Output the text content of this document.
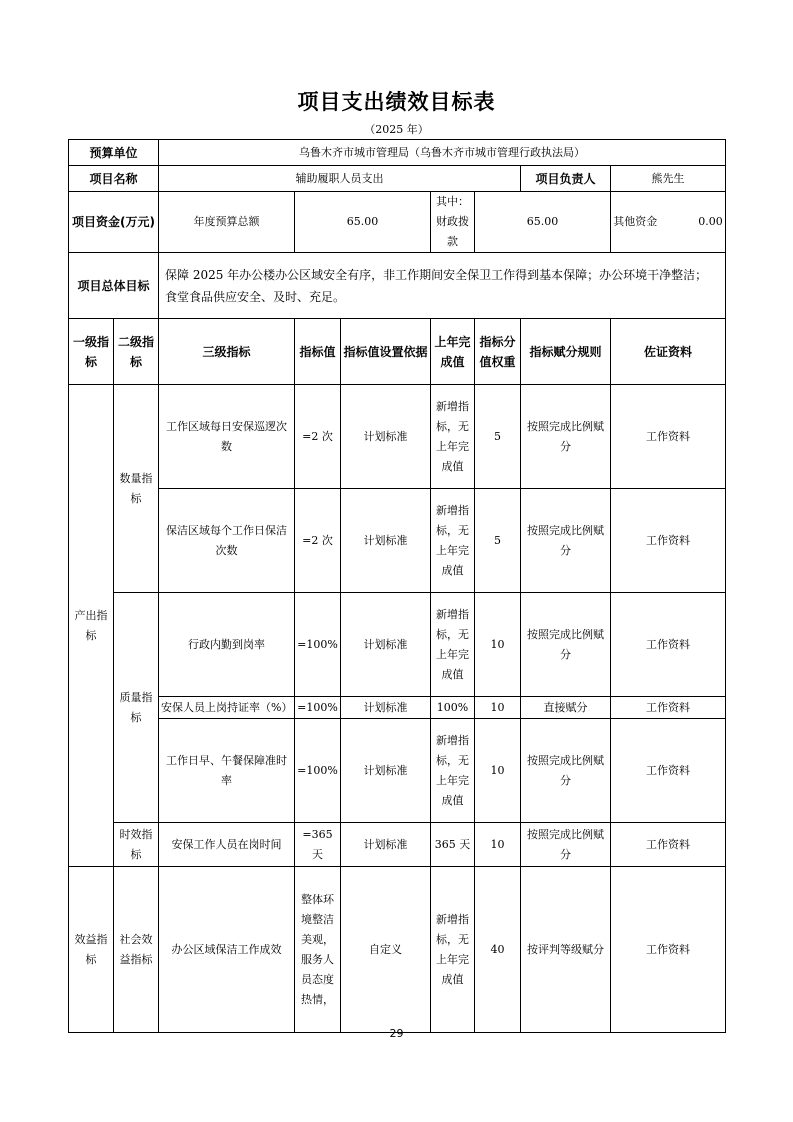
项目支出绩效目标表
（2025 年）
预算单位		乌鲁木齐市城市管理局（乌鲁木齐市城市管理行政执法局）						
项目名称		辅助履职人员支出					项目负责人	熊先生
项目资金(万元)		年度预算总额	65.00		其中：财政拨款	65.00		其他资金 0.00
项目总体目标		保障 2025 年办公楼办公区域安全有序，非工作期间安全保卫工作得到基本保障；办公环境干净整洁；食堂食品供应安全、及时、充足。						
一级指标	二级指标	三级指标	指标值	指标值设置依据	上年完成值	指标分值权重	指标赋分规则	佐证资料
产出指标	数量指标	工作区域每日安保巡逻次数	=2 次	计划标准	新增指标，无上年完成值	5	按照完成比例赋分	工作资料
		保洁区域每个工作日保洁次数	=2 次	计划标准	新增指标，无上年完成值	5	按照完成比例赋分	工作资料
	质量指标	行政内勤到岗率	=100%	计划标准	新增指标，无上年完成值	10	按照完成比例赋分	工作资料
		安保人员上岗持证率（%）	=100%	计划标准	100%	10	直接赋分	工作资料
		工作日早、午餐保障准时率	=100%	计划标准	新增指标，无上年完成值	10	按照完成比例赋分	工作资料
	时效指标	安保工作人员在岗时间	=365 天	计划标准	365 天	10	按照完成比例赋分	工作资料
效益指标	社会效益指标	办公区域保洁工作成效	整体环境整洁美观，服务人员态度热情，	自定义	新增指标，无上年完成值	40	按评判等级赋分	工作资料
29
